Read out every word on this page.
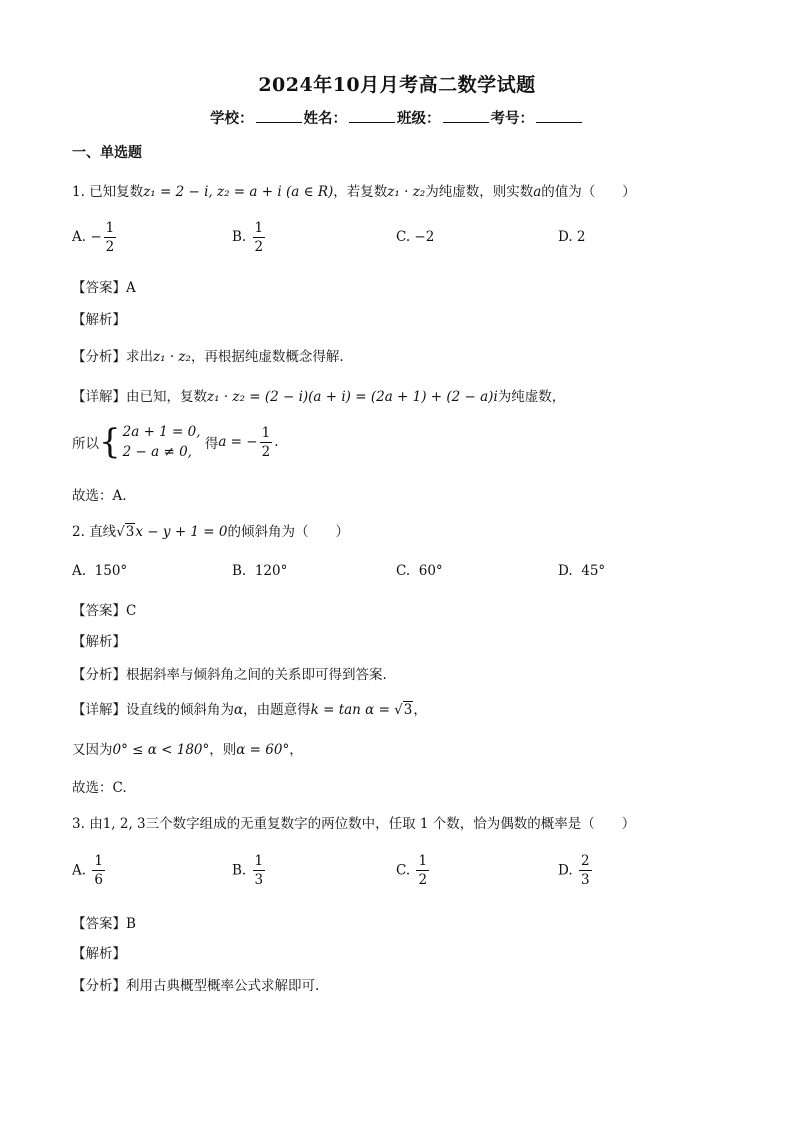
2024年10月月考高二数学试题
学校：	姓名：	班级：	考号：
一、单选题
1. 已知复数z₁ = 2 − i, z₂ = a + i (a ∈ R)，若复数z₁ · z₂为纯虚数，则实数a的值为（　　）
A. − $\frac{1}{2}$	B. $\frac{1}{2}$	C. −2	D. 2
【答案】A
【解析】
【分析】求出z₁ · z₂，再根据纯虚数概念得解.
【详解】由已知，复数z₁ · z₂ = (2 − i)(a + i) = (2a + 1) + (2 − a)i为纯虚数，
所以{ 2a + 1 = 0,
2 − a ≠ 0, 得a = − $\frac{1}{2}$ .
故选：A.
2. 直线√3x − y + 1 = 0的倾斜角为（　　）
A. 150°	B. 120°	C. 60°	D. 45°
【答案】C
【解析】
【分析】根据斜率与倾斜角之间的关系即可得到答案.
【详解】设直线的倾斜角为α，由题意得k = tan α = √3，
又因为0° ≤ α < 180°，则α = 60°，
故选：C.
3. 由1, 2, 3三个数字组成的无重复数字的两位数中，任取 1 个数，恰为偶数的概率是（　　）
A. $\frac{1}{6}$	B. $\frac{1}{3}$	C. $\frac{1}{2}$	D. $\frac{2}{3}$
【答案】B
【解析】
【分析】利用古典概型概率公式求解即可.
